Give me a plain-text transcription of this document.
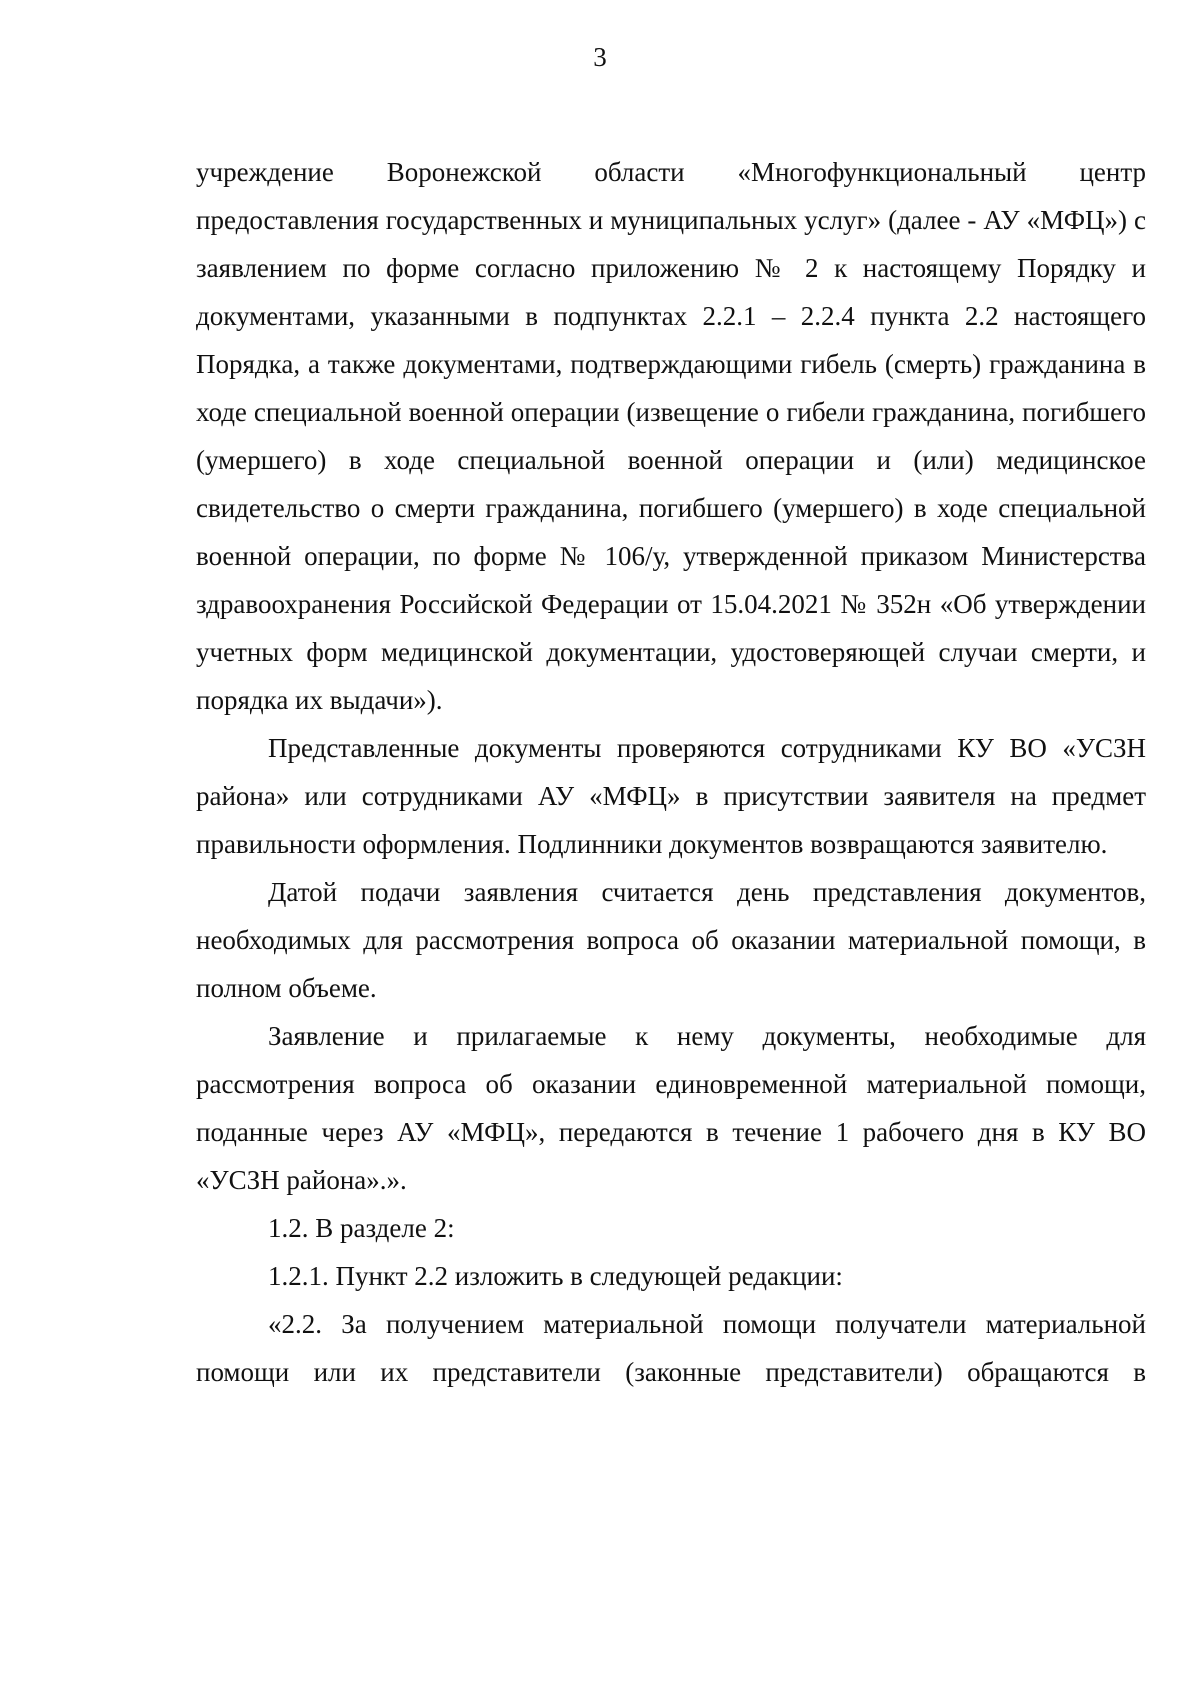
3

учреждение Воронежской области «Многофункциональный центр предоставления государственных и муниципальных услуг» (далее - АУ «МФЦ») с заявлением по форме согласно приложению № 2 к настоящему Порядку и документами, указанными в подпунктах 2.2.1 – 2.2.4 пункта 2.2 настоящего Порядка, а также документами, подтверждающими гибель (смерть) гражданина в ходе специальной военной операции (извещение о гибели гражданина, погибшего (умершего) в ходе специальной военной операции и (или) медицинское свидетельство о смерти гражданина, погибшего (умершего) в ходе специальной военной операции, по форме № 106/у, утвержденной приказом Министерства здравоохранения Российской Федерации от 15.04.2021 № 352н «Об утверждении учетных форм медицинской документации, удостоверяющей случаи смерти, и порядка их выдачи»).

Представленные документы проверяются сотрудниками КУ ВО «УСЗН района» или сотрудниками АУ «МФЦ» в присутствии заявителя на предмет правильности оформления. Подлинники документов возвращаются заявителю.

Датой подачи заявления считается день представления документов, необходимых для рассмотрения вопроса об оказании материальной помощи, в полном объеме.

Заявление и прилагаемые к нему документы, необходимые для рассмотрения вопроса об оказании единовременной материальной помощи, поданные через АУ «МФЦ», передаются в течение 1 рабочего дня в КУ ВО «УСЗН района».».

1.2. В разделе 2:

1.2.1. Пункт 2.2 изложить в следующей редакции:

«2.2. За получением материальной помощи получатели материальной помощи или их представители (законные представители) обращаются в
